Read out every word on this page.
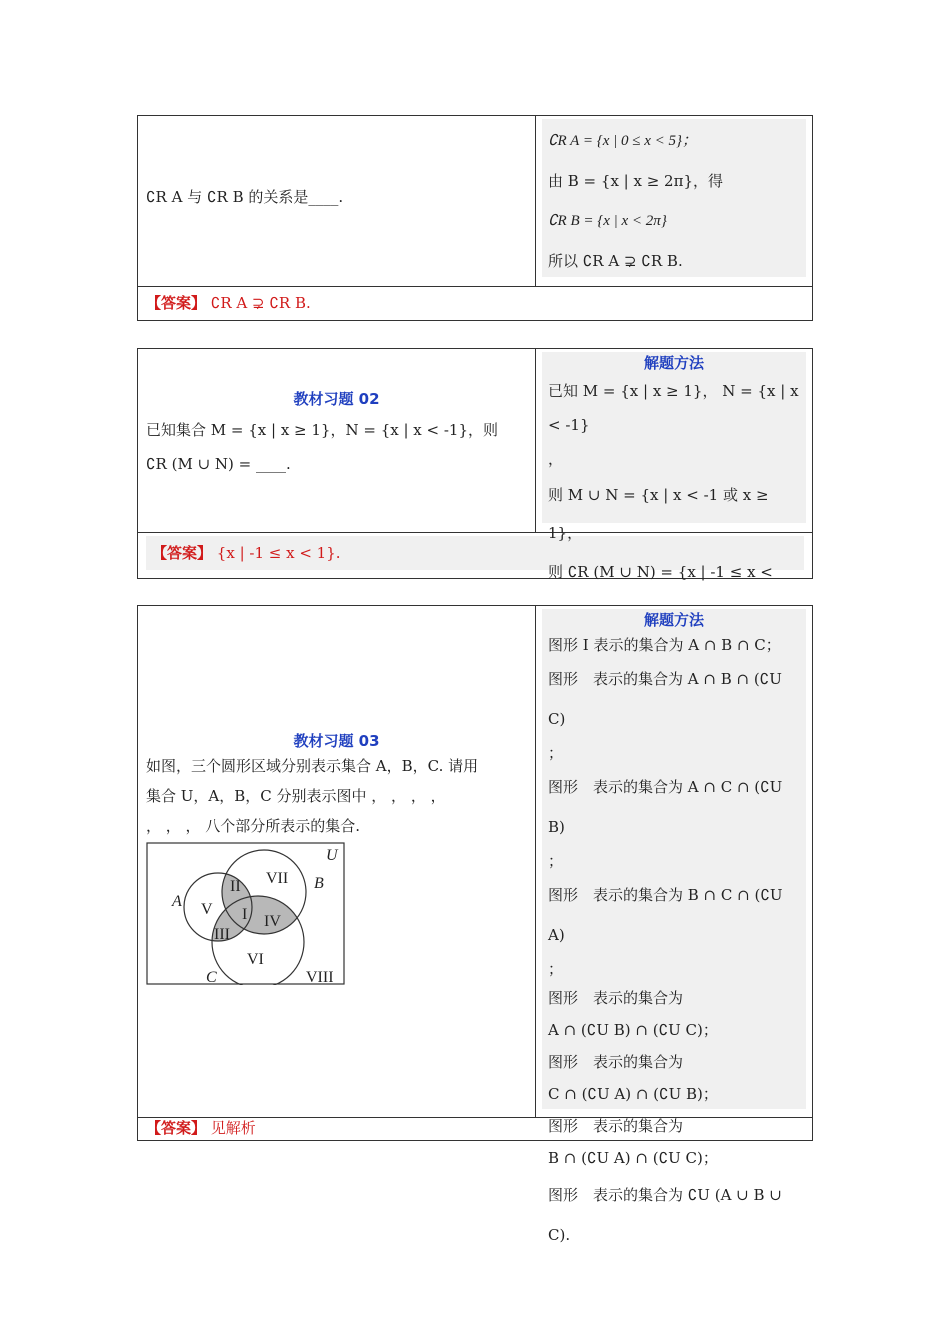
∁R A 与 ∁R B 的关系是____.
∁R A = {x | 0 ≤ x < 5}；
由 B = {x | x ≥ 2π}，得
∁R B = {x | x < 2π}
所以 ∁R A ⊋ ∁R B.
【答案】 ∁R A ⊋ ∁R B.
教材习题 02
已知集合 M = {x | x ≥ 1}，N = {x | x < -1}，则
∁R (M ∪ N) = ____.
解题方法
已知 M = {x | x ≥ 1}， N = {x | x < -1}
，
则 M ∪ N = {x | x < -1 或 x ≥ 1}，
则 ∁R (M ∪ N) = {x | -1 ≤ x <
【答案】 {x | -1 ≤ x < 1}.
教材习题 03
如图，三个圆形区域分别表示集合 A，B，C. 请用
集合 U，A，B，C 分别表示图中 ， ， ， ，
， ， ， 八个部分所表示的集合.
U
A
B
C
II VII
V I IV
III
VI
VIII
解题方法
图形 I 表示的集合为 A ∩ B ∩ C；
图形　表示的集合为 A ∩ B ∩ (∁U C)
；
图形　表示的集合为 A ∩ C ∩ (∁U B)
；
图形　表示的集合为 B ∩ C ∩ (∁U A)
；
图形　表示的集合为
A ∩ (∁U B) ∩ (∁U C)；
图形　表示的集合为
C ∩ (∁U A) ∩ (∁U B)；
图形　表示的集合为
B ∩ (∁U A) ∩ (∁U C)；
图形　表示的集合为 ∁U (A ∪ B ∪ C).
【答案】 见解析
